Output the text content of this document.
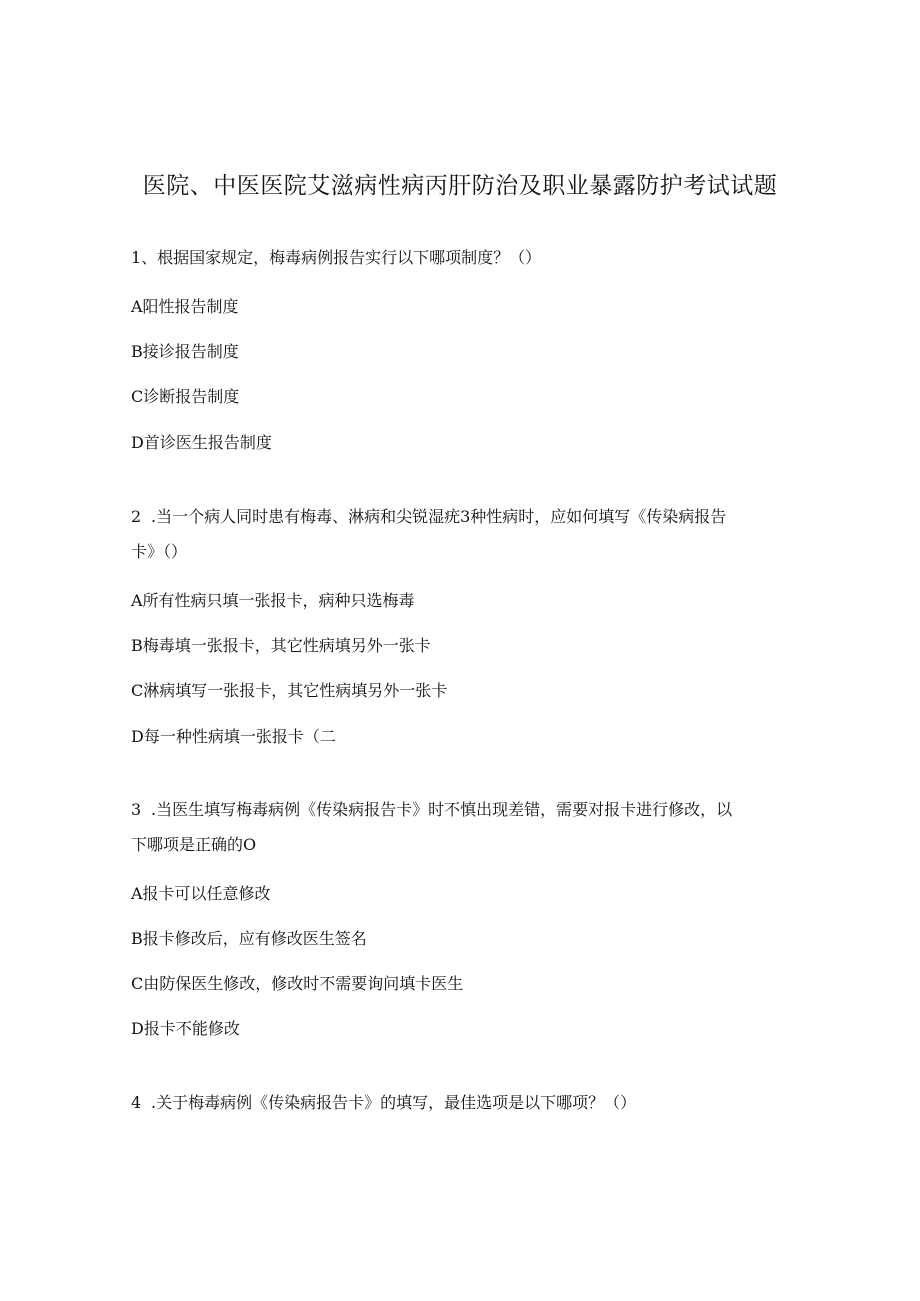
医院、中医医院艾滋病性病丙肝防治及职业暴露防护考试试题
1、根据国家规定，梅毒病例报告实行以下哪项制度？（）
A阳性报告制度
B接诊报告制度
C诊断报告制度
D首诊医生报告制度
2 .当一个病人同时患有梅毒、淋病和尖锐湿疣3种性病时，应如何填写《传染病报告
卡》（）
A所有性病只填一张报卡，病种只选梅毒
B梅毒填一张报卡，其它性病填另外一张卡
C淋病填写一张报卡，其它性病填另外一张卡
D每一种性病填一张报卡（二
3 .当医生填写梅毒病例《传染病报告卡》时不慎出现差错，需要对报卡进行修改，以
下哪项是正确的O
A报卡可以任意修改
B报卡修改后，应有修改医生签名
C由防保医生修改，修改时不需要询问填卡医生
D报卡不能修改
4 .关于梅毒病例《传染病报告卡》的填写，最佳选项是以下哪项？（）
